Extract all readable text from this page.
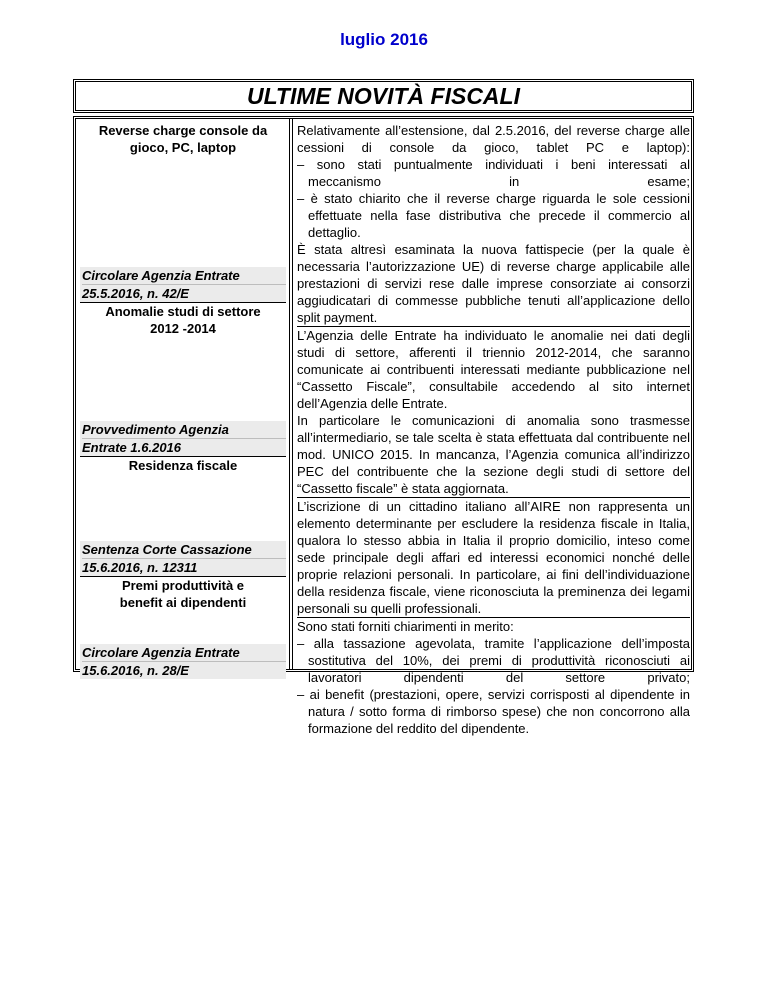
luglio 2016
ULTIME NOVITÀ FISCALI
Reverse charge console da
gioco, PC, laptop
Circolare Agenzia Entrate
25.5.2016, n. 42/E
Anomalie studi di settore
2012 -2014
Provvedimento Agenzia
Entrate 1.6.2016
Residenza fiscale
Sentenza Corte Cassazione
15.6.2016, n. 12311
Premi produttività e
benefit ai dipendenti
Circolare Agenzia Entrate
15.6.2016, n. 28/E
Relativamente all’estensione, dal 2.5.2016, del reverse charge alle cessioni di console da gioco, tablet PC e laptop):
– sono stati puntualmente individuati i beni interessati al meccanismo in esame;
– è stato chiarito che il reverse charge riguarda le sole cessioni effettuate nella fase distributiva che precede il commercio al dettaglio.
È stata altresì esaminata la nuova fattispecie (per la quale è necessaria l’autorizzazione UE) di reverse charge applicabile alle prestazioni di servizi rese dalle imprese consorziate ai consorzi aggiudicatari di commesse pubbliche tenuti all’applicazione dello split payment.
L’Agenzia delle Entrate ha individuato le anomalie nei dati degli studi di settore, afferenti il triennio 2012-2014, che saranno comunicate ai contribuenti interessati mediante pubblicazione nel “Cassetto Fiscale”, consultabile accedendo al sito internet dell’Agenzia delle Entrate.
In particolare le comunicazioni di anomalia sono trasmesse all’intermediario, se tale scelta è stata effettuata dal contribuente nel mod. UNICO 2015. In mancanza, l’Agenzia comunica all’indirizzo PEC del contribuente che la sezione degli studi di settore del “Cassetto fiscale” è stata aggiornata.
L’iscrizione di un cittadino italiano all’AIRE non rappresenta un elemento determinante per escludere la residenza fiscale in Italia, qualora lo stesso abbia in Italia il proprio domicilio, inteso come sede principale degli affari ed interessi economici nonché delle proprie relazioni personali. In particolare, ai fini dell’individuazione della residenza fiscale, viene riconosciuta la preminenza dei legami personali su quelli professionali.
Sono stati forniti chiarimenti in merito:
– alla tassazione agevolata, tramite l’applicazione dell’imposta sostitutiva del 10%, dei premi di produttività riconosciuti ai lavoratori dipendenti del settore privato;
– ai benefit (prestazioni, opere, servizi corrisposti al dipendente in natura / sotto forma di rimborso spese) che non concorrono alla formazione del reddito del dipendente.
